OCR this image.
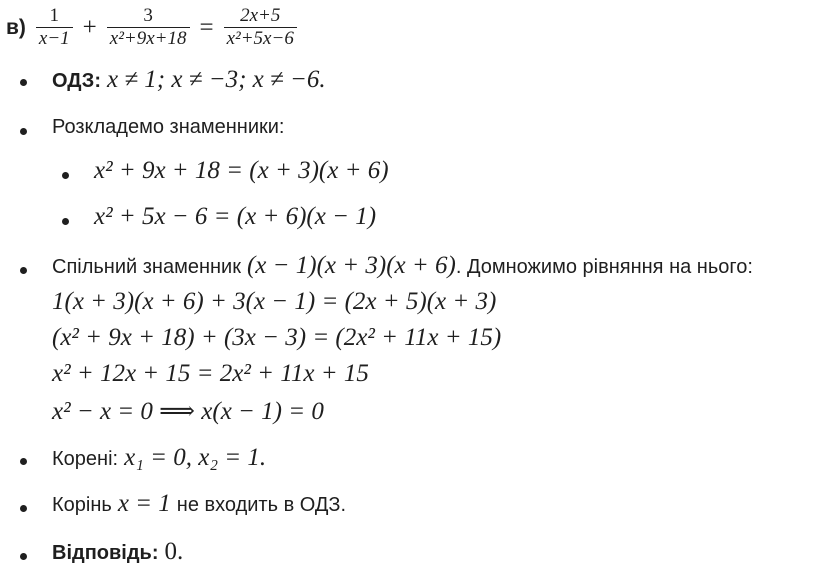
$в) \frac{1}{x-1} + \frac{3}{\text{x²+9x+18}} = \frac{2x+5}{\text{x²+5x−6}}$
ОДЗ: x ≠ 1; x ≠ −3; x ≠ −6.
Розкладемо знаменники:
x² + 9x + 18 = (x + 3)(x + 6)
x² + 5x − 6 = (x + 6)(x − 1)
Спільний знаменник (x − 1)(x + 3)(x + 6) . Домножимо рівняння на нього:
1(x + 3)(x + 6) + 3(x − 1) = (2x + 5)(x + 3)
(x² + 9x + 18) + (3x − 3) = (2x² + 11x + 15)
x² + 12x + 15 = 2x² + 11x + 15
x² − x = 0 ⟹ x(x − 1) = 0
Корені: x₁ = 0, x₂ = 1.
Корінь x = 1 не входить в ОДЗ.
Відповідь: 0.
